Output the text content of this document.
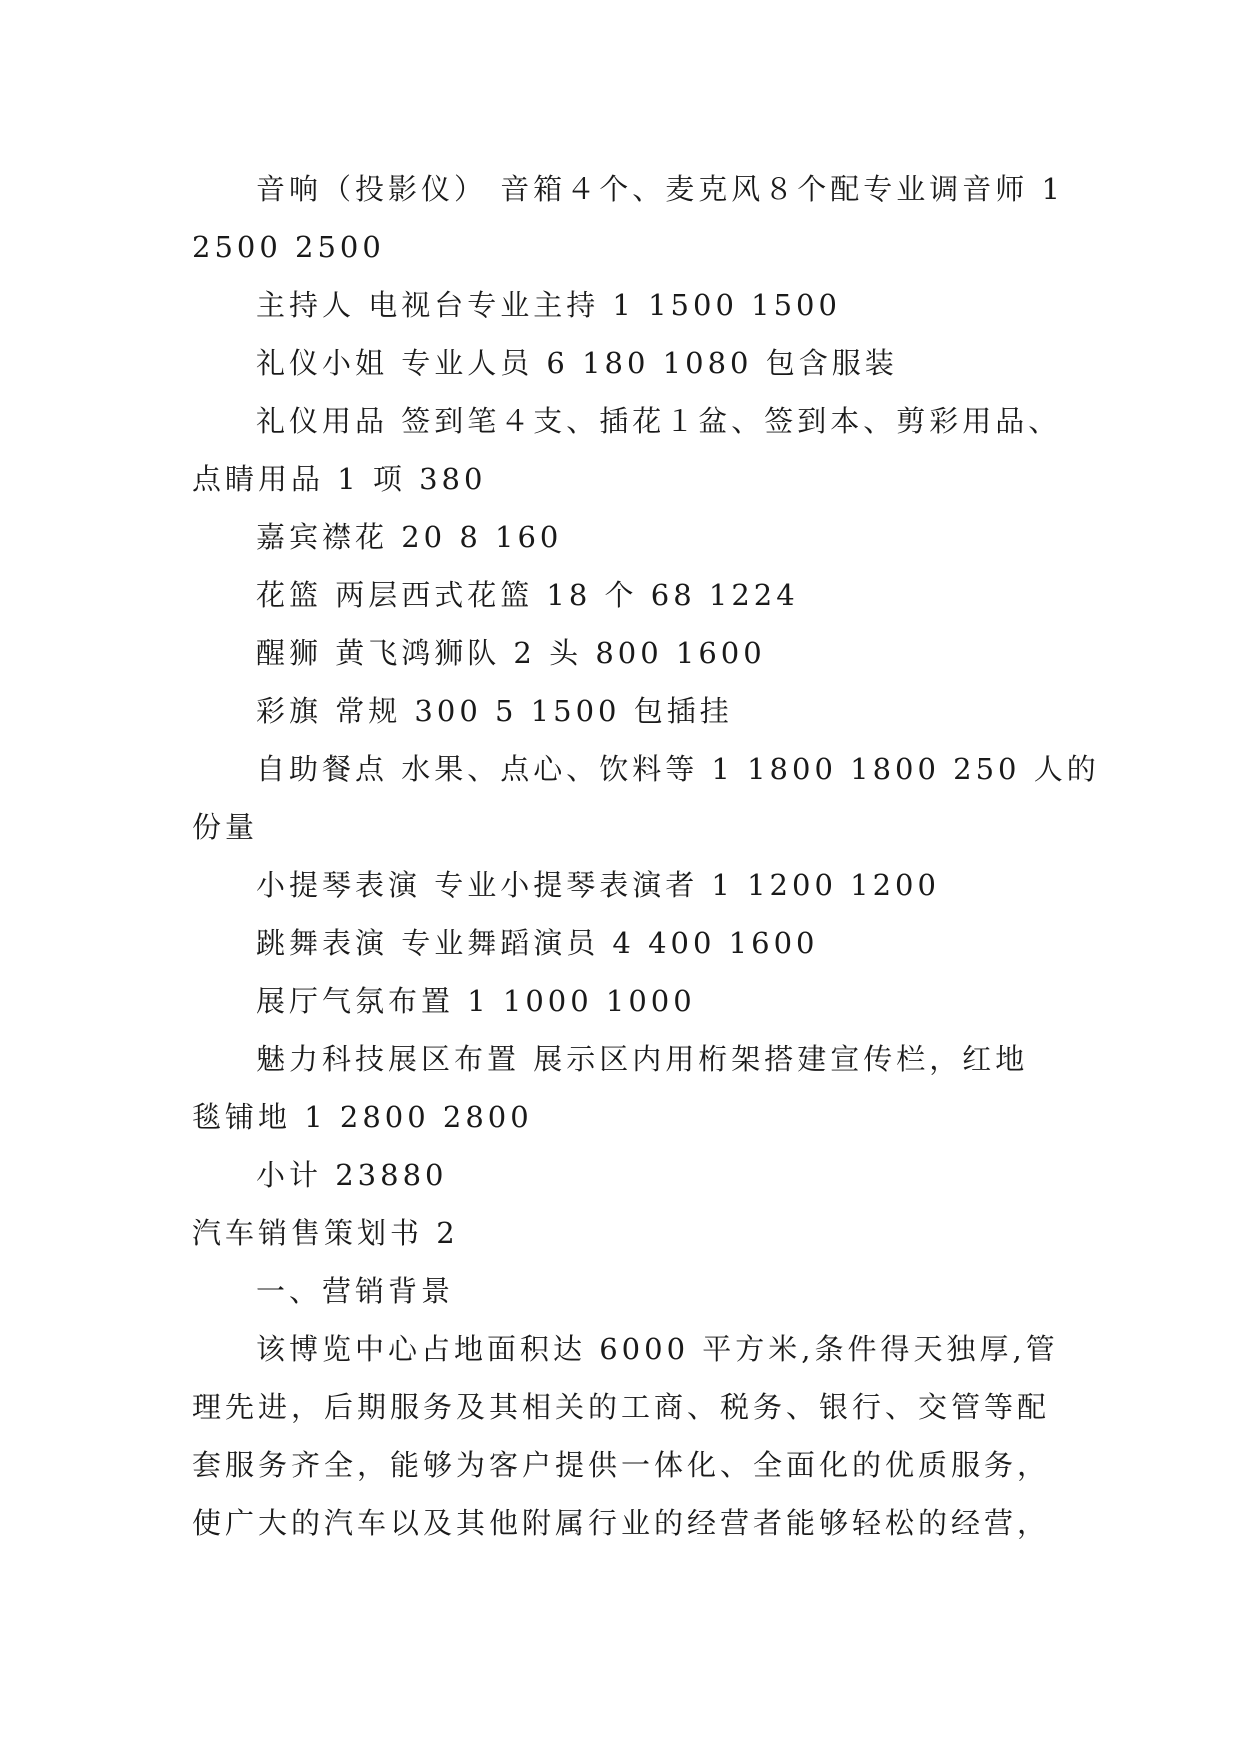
音响（投影仪） 音箱４个、麦克风８个配专业调音师 1
2500 2500
主持人 电视台专业主持 1 1500 1500
礼仪小姐 专业人员 6 180 1080 包含服装
礼仪用品 签到笔４支、插花１盆、签到本、剪彩用品、
点睛用品 1 项 380
嘉宾襟花 20 8 160
花篮 两层西式花篮 18 个 68 1224
醒狮 黄飞鸿狮队 2 头 800 1600
彩旗 常规 300 5 1500 包插挂
自助餐点 水果、点心、饮料等 1 1800 1800 250 人的
份量
小提琴表演 专业小提琴表演者 1 1200 1200
跳舞表演 专业舞蹈演员 4 400 1600
展厅气氛布置 1 1000 1000
魅力科技展区布置 展示区内用桁架搭建宣传栏，红地
毯铺地 1 2800 2800
小计 23880
汽车销售策划书 2
一、营销背景
该博览中心占地面积达 6000 平方米,条件得天独厚,管
理先进，后期服务及其相关的工商、税务、银行、交管等配
套服务齐全，能够为客户提供一体化、全面化的优质服务，
使广大的汽车以及其他附属行业的经营者能够轻松的经营，
